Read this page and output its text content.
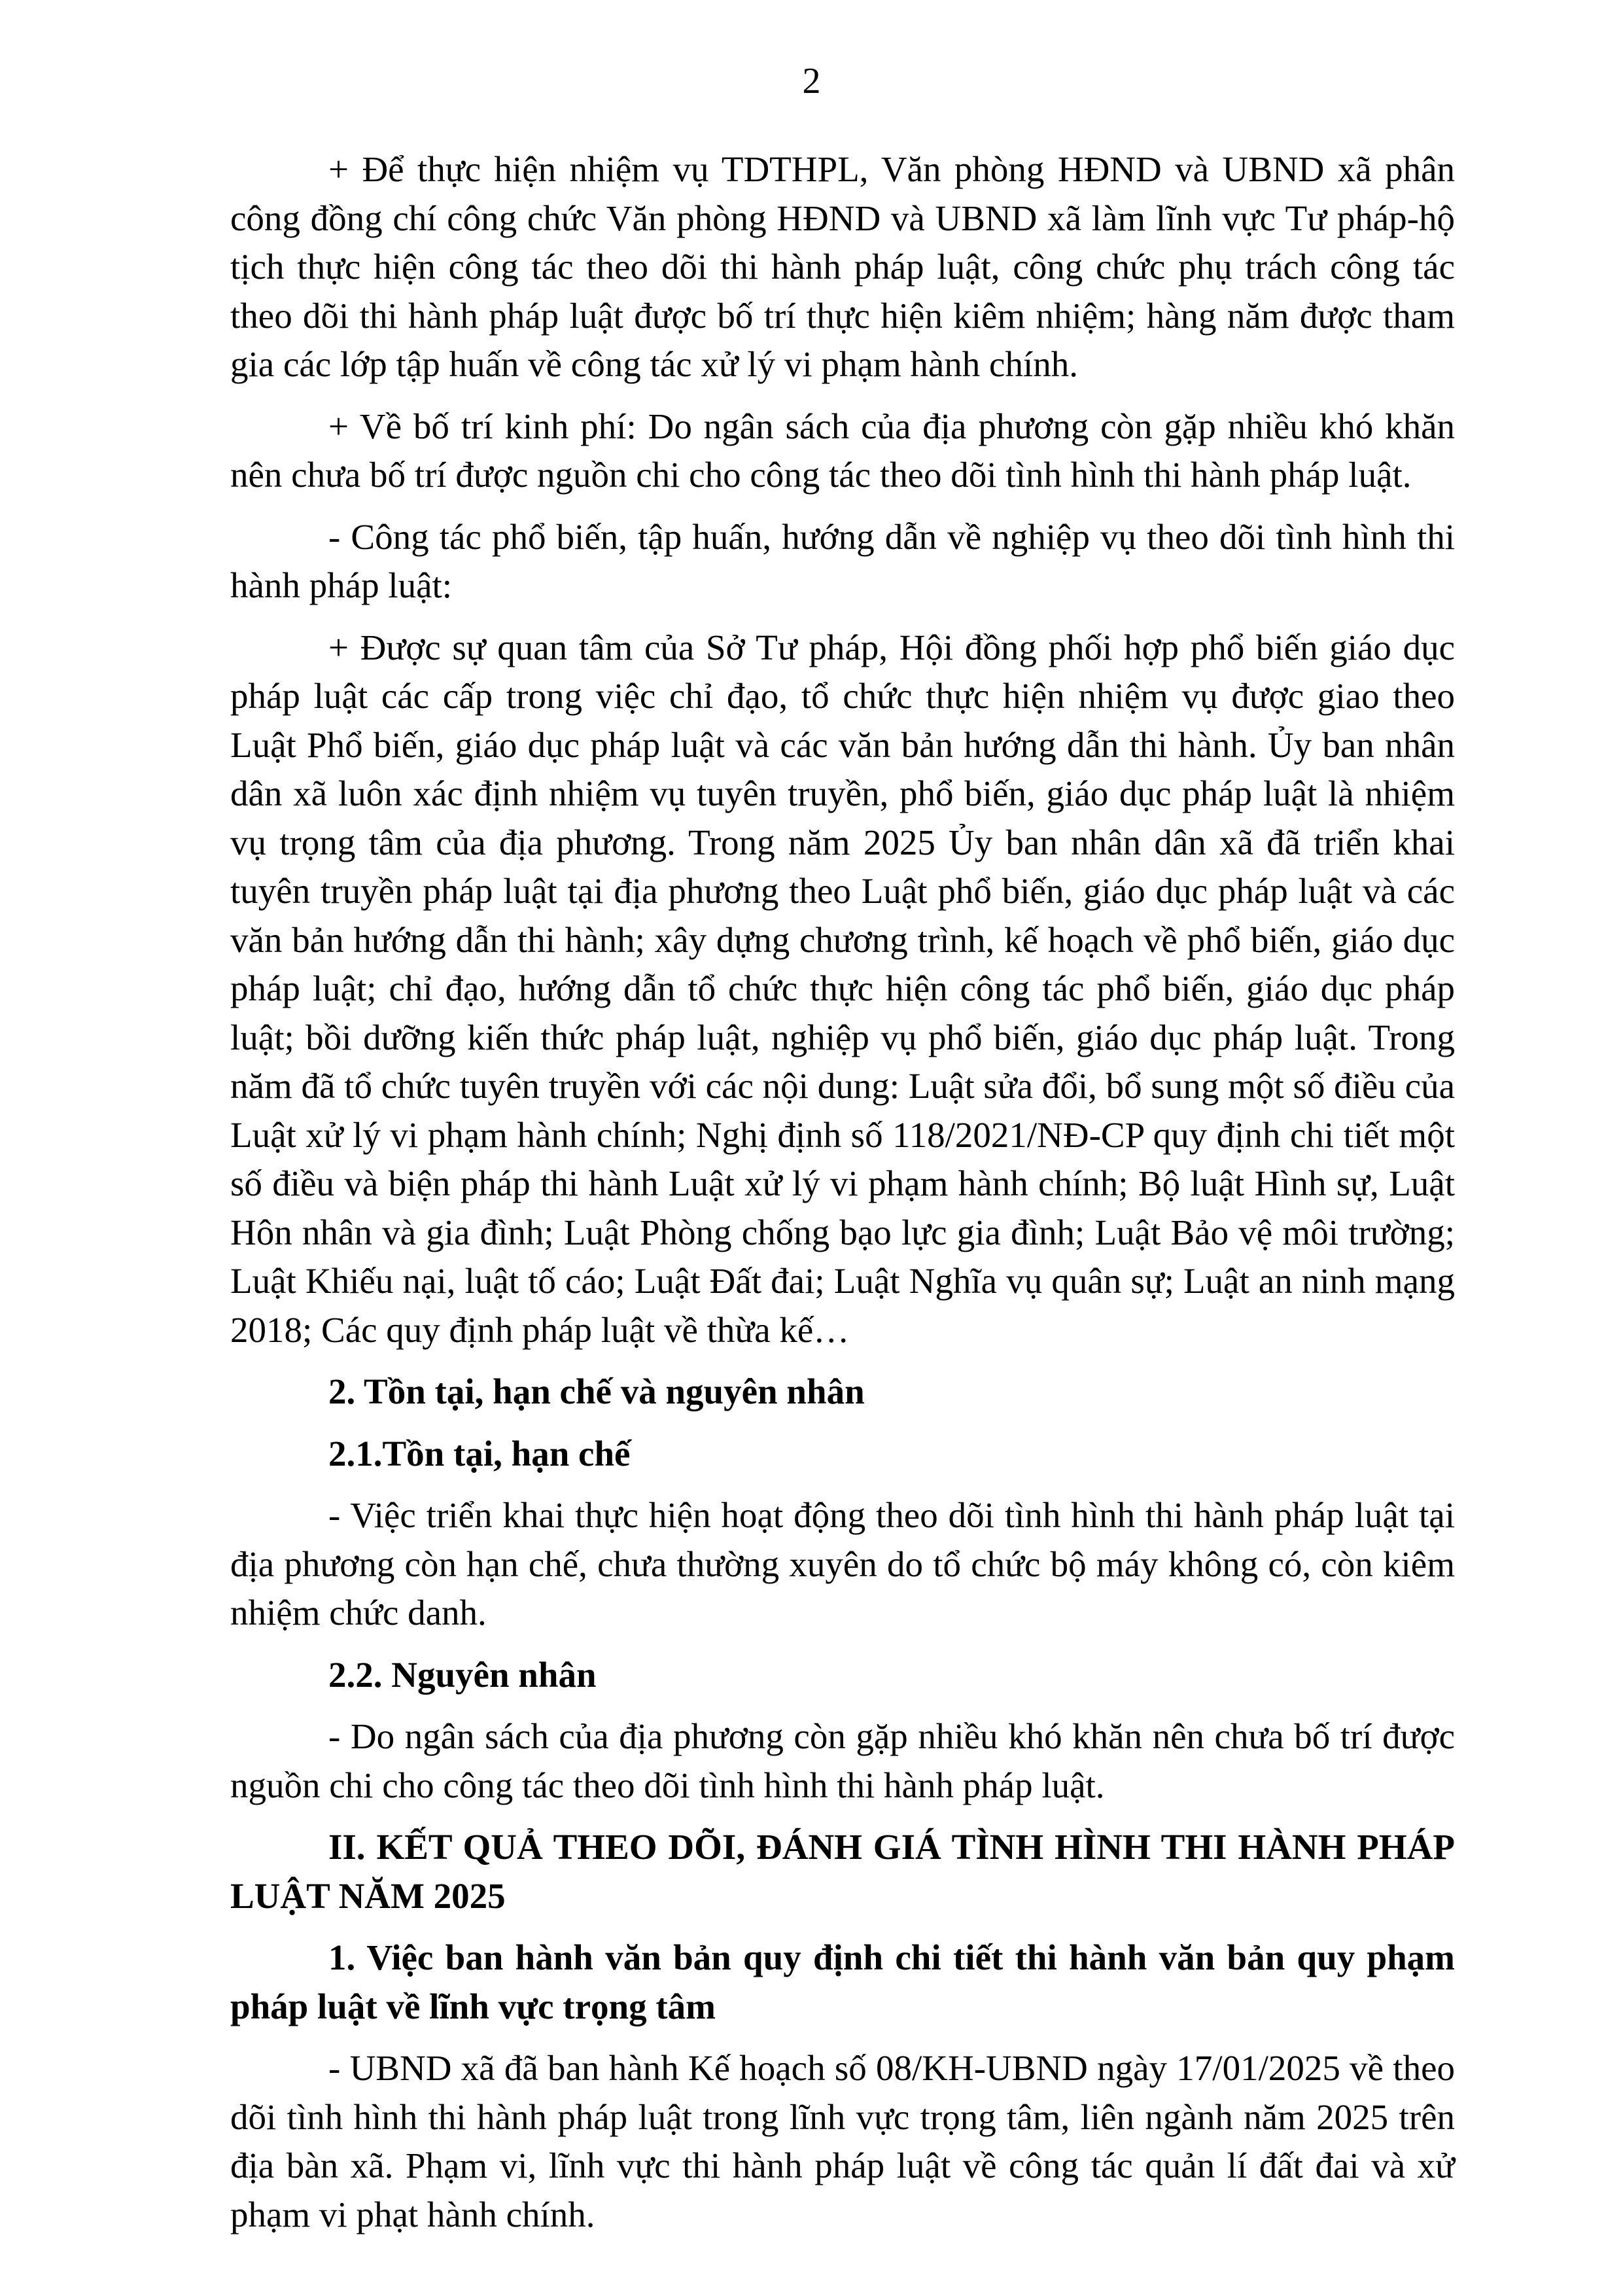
2

+ Để thực hiện nhiệm vụ TDTHPL, Văn phòng HĐND và UBND xã phân công đồng chí công chức Văn phòng HĐND và UBND xã làm lĩnh vực Tư pháp-hộ tịch thực hiện công tác theo dõi thi hành pháp luật, công chức phụ trách công tác theo dõi thi hành pháp luật được bố trí thực hiện kiêm nhiệm; hàng năm được tham gia các lớp tập huấn về công tác xử lý vi phạm hành chính.

+ Về bố trí kinh phí: Do ngân sách của địa phương còn gặp nhiều khó khăn nên chưa bố trí được nguồn chi cho công tác theo dõi tình hình thi hành pháp luật.

- Công tác phổ biến, tập huấn, hướng dẫn về nghiệp vụ theo dõi tình hình thi hành pháp luật:

+ Được sự quan tâm của Sở Tư pháp, Hội đồng phối hợp phổ biến giáo dục pháp luật các cấp trong việc chỉ đạo, tổ chức thực hiện nhiệm vụ được giao theo Luật Phổ biến, giáo dục pháp luật và các văn bản hướng dẫn thi hành. Ủy ban nhân dân xã luôn xác định nhiệm vụ tuyên truyền, phổ biến, giáo dục pháp luật là nhiệm vụ trọng tâm của địa phương. Trong năm 2025 Ủy ban nhân dân xã đã triển khai tuyên truyền pháp luật tại địa phương theo Luật phổ biến, giáo dục pháp luật và các văn bản hướng dẫn thi hành; xây dựng chương trình, kế hoạch về phổ biến, giáo dục pháp luật; chỉ đạo, hướng dẫn tổ chức thực hiện công tác phổ biến, giáo dục pháp luật; bồi dưỡng kiến thức pháp luật, nghiệp vụ phổ biến, giáo dục pháp luật. Trong năm đã tổ chức tuyên truyền với các nội dung: Luật sửa đổi, bổ sung một số điều của Luật xử lý vi phạm hành chính; Nghị định số 118/2021/NĐ-CP quy định chi tiết một số điều và biện pháp thi hành Luật xử lý vi phạm hành chính; Bộ luật Hình sự, Luật Hôn nhân và gia đình; Luật Phòng chống bạo lực gia đình; Luật Bảo vệ môi trường; Luật Khiếu nại, luật tố cáo; Luật Đất đai; Luật Nghĩa vụ quân sự; Luật an ninh mạng 2018; Các quy định pháp luật về thừa kế…

2. Tồn tại, hạn chế và nguyên nhân

2.1.Tồn tại, hạn chế

- Việc triển khai thực hiện hoạt động theo dõi tình hình thi hành pháp luật tại địa phương còn hạn chế, chưa thường xuyên do tổ chức bộ máy không có, còn kiêm nhiệm chức danh.

2.2. Nguyên nhân

- Do ngân sách của địa phương còn gặp nhiều khó khăn nên chưa bố trí được nguồn chi cho công tác theo dõi tình hình thi hành pháp luật.

II. KẾT QUẢ THEO DÕI, ĐÁNH GIÁ TÌNH HÌNH THI HÀNH PHÁP LUẬT NĂM 2025

1. Việc ban hành văn bản quy định chi tiết thi hành văn bản quy phạm pháp luật về lĩnh vực trọng tâm

- UBND xã đã ban hành Kế hoạch số 08/KH-UBND ngày 17/01/2025 về theo dõi tình hình thi hành pháp luật trong lĩnh vực trọng tâm, liên ngành năm 2025 trên địa bàn xã. Phạm vi, lĩnh vực thi hành pháp luật về công tác quản lí đất đai và xử phạm vi phạt hành chính.
